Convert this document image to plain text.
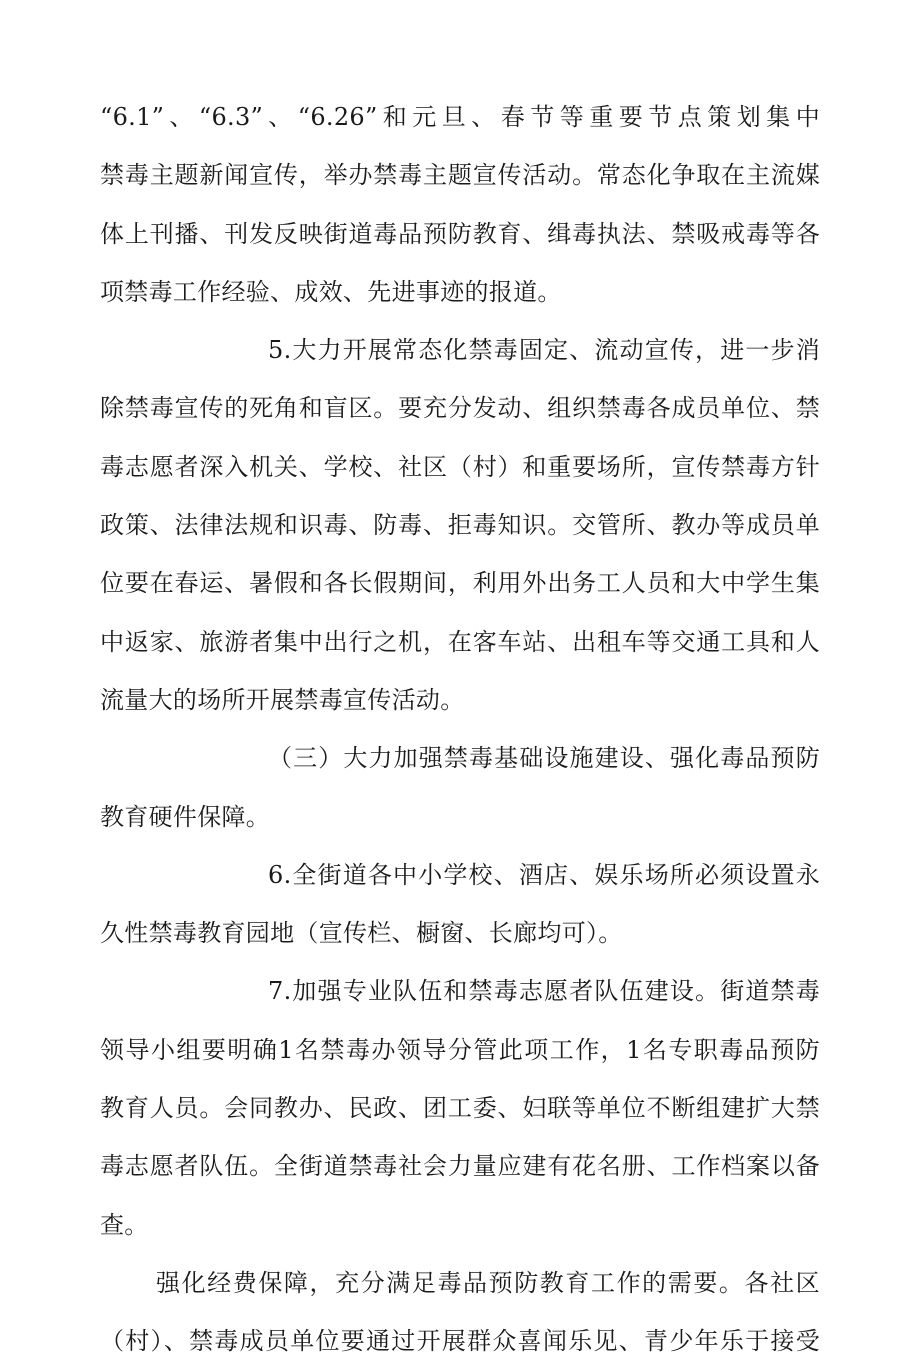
“6.1”、“6.3”、“6.26”和元旦、春节等重要节点策划集中
禁毒主题新闻宣传，举办禁毒主题宣传活动。常态化争取在主流媒
体上刊播、刊发反映街道毒品预防教育、缉毒执法、禁吸戒毒等各
项禁毒工作经验、成效、先进事迹的报道。
5.大力开展常态化禁毒固定、流动宣传，进一步消
除禁毒宣传的死角和盲区。要充分发动、组织禁毒各成员单位、禁
毒志愿者深入机关、学校、社区（村）和重要场所，宣传禁毒方针
政策、法律法规和识毒、防毒、拒毒知识。交管所、教办等成员单
位要在春运、暑假和各长假期间，利用外出务工人员和大中学生集
中返家、旅游者集中出行之机，在客车站、出租车等交通工具和人
流量大的场所开展禁毒宣传活动。
（三）大力加强禁毒基础设施建设、强化毒品预防
教育硬件保障。
6.全街道各中小学校、酒店、娱乐场所必须设置永
久性禁毒教育园地（宣传栏、橱窗、长廊均可）。
7.加强专业队伍和禁毒志愿者队伍建设。街道禁毒
领导小组要明确1名禁毒办领导分管此项工作，1名专职毒品预防
教育人员。会同教办、民政、团工委、妇联等单位不断组建扩大禁
毒志愿者队伍。全街道禁毒社会力量应建有花名册、工作档案以备
查。
强化经费保障，充分满足毒品预防教育工作的需要。各社区
（村）、禁毒成员单位要通过开展群众喜闻乐见、青少年乐于接受
